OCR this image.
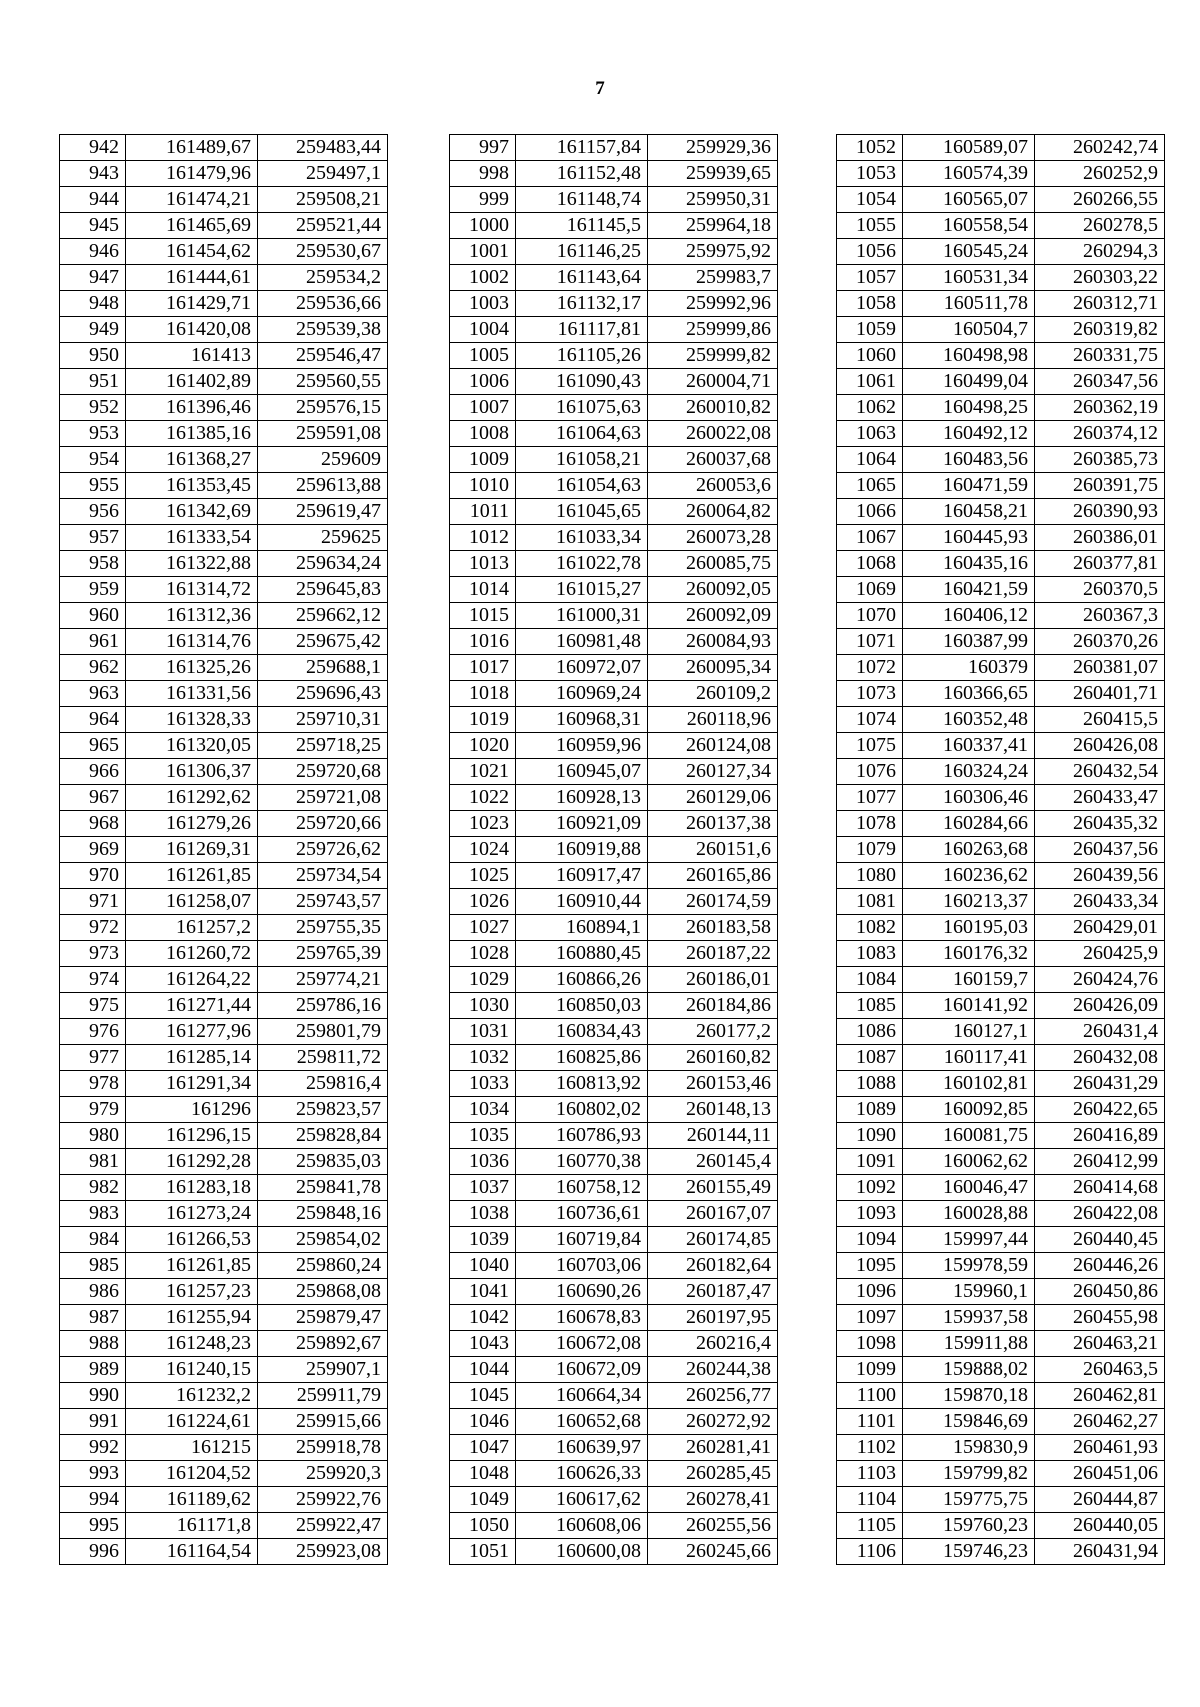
7
942	161489,67	259483,44
943	161479,96	259497,1
944	161474,21	259508,21
945	161465,69	259521,44
946	161454,62	259530,67
947	161444,61	259534,2
948	161429,71	259536,66
949	161420,08	259539,38
950	161413	259546,47
951	161402,89	259560,55
952	161396,46	259576,15
953	161385,16	259591,08
954	161368,27	259609
955	161353,45	259613,88
956	161342,69	259619,47
957	161333,54	259625
958	161322,88	259634,24
959	161314,72	259645,83
960	161312,36	259662,12
961	161314,76	259675,42
962	161325,26	259688,1
963	161331,56	259696,43
964	161328,33	259710,31
965	161320,05	259718,25
966	161306,37	259720,68
967	161292,62	259721,08
968	161279,26	259720,66
969	161269,31	259726,62
970	161261,85	259734,54
971	161258,07	259743,57
972	161257,2	259755,35
973	161260,72	259765,39
974	161264,22	259774,21
975	161271,44	259786,16
976	161277,96	259801,79
977	161285,14	259811,72
978	161291,34	259816,4
979	161296	259823,57
980	161296,15	259828,84
981	161292,28	259835,03
982	161283,18	259841,78
983	161273,24	259848,16
984	161266,53	259854,02
985	161261,85	259860,24
986	161257,23	259868,08
987	161255,94	259879,47
988	161248,23	259892,67
989	161240,15	259907,1
990	161232,2	259911,79
991	161224,61	259915,66
992	161215	259918,78
993	161204,52	259920,3
994	161189,62	259922,76
995	161171,8	259922,47
996	161164,54	259923,08
997	161157,84	259929,36
998	161152,48	259939,65
999	161148,74	259950,31
1000	161145,5	259964,18
1001	161146,25	259975,92
1002	161143,64	259983,7
1003	161132,17	259992,96
1004	161117,81	259999,86
1005	161105,26	259999,82
1006	161090,43	260004,71
1007	161075,63	260010,82
1008	161064,63	260022,08
1009	161058,21	260037,68
1010	161054,63	260053,6
1011	161045,65	260064,82
1012	161033,34	260073,28
1013	161022,78	260085,75
1014	161015,27	260092,05
1015	161000,31	260092,09
1016	160981,48	260084,93
1017	160972,07	260095,34
1018	160969,24	260109,2
1019	160968,31	260118,96
1020	160959,96	260124,08
1021	160945,07	260127,34
1022	160928,13	260129,06
1023	160921,09	260137,38
1024	160919,88	260151,6
1025	160917,47	260165,86
1026	160910,44	260174,59
1027	160894,1	260183,58
1028	160880,45	260187,22
1029	160866,26	260186,01
1030	160850,03	260184,86
1031	160834,43	260177,2
1032	160825,86	260160,82
1033	160813,92	260153,46
1034	160802,02	260148,13
1035	160786,93	260144,11
1036	160770,38	260145,4
1037	160758,12	260155,49
1038	160736,61	260167,07
1039	160719,84	260174,85
1040	160703,06	260182,64
1041	160690,26	260187,47
1042	160678,83	260197,95
1043	160672,08	260216,4
1044	160672,09	260244,38
1045	160664,34	260256,77
1046	160652,68	260272,92
1047	160639,97	260281,41
1048	160626,33	260285,45
1049	160617,62	260278,41
1050	160608,06	260255,56
1051	160600,08	260245,66
1052	160589,07	260242,74
1053	160574,39	260252,9
1054	160565,07	260266,55
1055	160558,54	260278,5
1056	160545,24	260294,3
1057	160531,34	260303,22
1058	160511,78	260312,71
1059	160504,7	260319,82
1060	160498,98	260331,75
1061	160499,04	260347,56
1062	160498,25	260362,19
1063	160492,12	260374,12
1064	160483,56	260385,73
1065	160471,59	260391,75
1066	160458,21	260390,93
1067	160445,93	260386,01
1068	160435,16	260377,81
1069	160421,59	260370,5
1070	160406,12	260367,3
1071	160387,99	260370,26
1072	160379	260381,07
1073	160366,65	260401,71
1074	160352,48	260415,5
1075	160337,41	260426,08
1076	160324,24	260432,54
1077	160306,46	260433,47
1078	160284,66	260435,32
1079	160263,68	260437,56
1080	160236,62	260439,56
1081	160213,37	260433,34
1082	160195,03	260429,01
1083	160176,32	260425,9
1084	160159,7	260424,76
1085	160141,92	260426,09
1086	160127,1	260431,4
1087	160117,41	260432,08
1088	160102,81	260431,29
1089	160092,85	260422,65
1090	160081,75	260416,89
1091	160062,62	260412,99
1092	160046,47	260414,68
1093	160028,88	260422,08
1094	159997,44	260440,45
1095	159978,59	260446,26
1096	159960,1	260450,86
1097	159937,58	260455,98
1098	159911,88	260463,21
1099	159888,02	260463,5
1100	159870,18	260462,81
1101	159846,69	260462,27
1102	159830,9	260461,93
1103	159799,82	260451,06
1104	159775,75	260444,87
1105	159760,23	260440,05
1106	159746,23	260431,94
